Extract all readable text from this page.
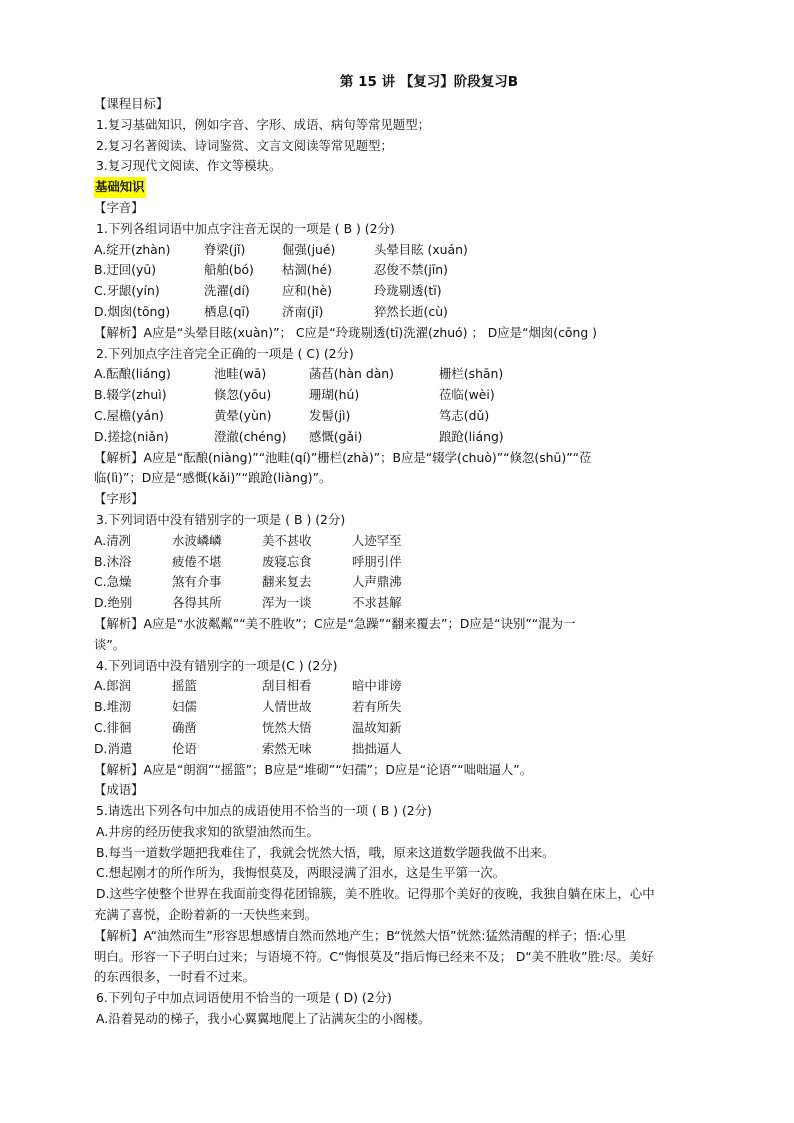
第 15 讲 【复习】阶段复习B
【课程目标】
1.复习基础知识，例如字音、字形、成语、病句等常见题型；
2.复习名著阅读、诗词鉴赏、文言文阅读等常见题型；
3.复习现代文阅读、作文等模块。
基础知识
【字音】
1.下列各组词语中加点字注音无误的一项是 ( B ) (2分)
A.绽开(zhàn)	脊梁(jǐ)	倔强(jué)	头晕目眩 (xuán)
B.迂回(yū)	船舶(bó) 枯涸(hé)	忍俊不禁(jīn)
C.牙龈(yín)	洗濯(dí)	应和(hè)	玲珑剔透(tī)
D.烟囱(tōng)	栖息(qī)	济南(jǐ)	猝然长逝(cù)
【解析】A应是“头晕目眩(xuàn)”； C应是“玲珑剔透(tī)洗濯(zhuó) ； D应是“烟囱(cōng )
2.下列加点字注音完全正确的一项是 ( C) (2分)
A.酝酿(liáng)	池畦(wā)	菡萏(hàn dàn)	栅栏(shān)
B.辍学(zhuì)	倏忽(yōu)	珊瑚(hú)	莅临(wèi)
C.屋檐(yán)	黄晕(yùn)	发髻(jì)	笃志(dǔ)
D.搓捻(niǎn)	澄澈(chéng) 感慨(gǎi)	踉跄(liáng)
【解析】A应是“酝酿(niàng)”“池畦(qí)”栅栏(zhà)”；B应是“辍学(chuò)”“倏忽(shū)”“莅
临(lì)”；D应是“感慨(kǎi)”“踉跄(liàng)”。
【字形】
3.下列词语中没有错别字的一项是 ( B ) (2分)
A.清冽	水波嶙嶙	美不甚收	人迹罕至
B.沐浴	疲倦不堪	废寝忘食	呼朋引伴
C.急燥	煞有介事	翻来复去	人声鼎沸
D.绝别	各得其所	浑为一谈	不求甚解
【解析】A应是“水波粼粼”“美不胜收”；C应是“急躁”“翻来覆去”；D应是“诀别”“混为一
谈”。
4.下列词语中没有错别字的一项是(C ) (2分)
A.郎润	摇篮	刮目相看	暗中诽谤
B.堆沏	妇儒	人情世故	若有所失
C.徘徊	确凿	恍然大悟	温故知新
D.消遣	伦语	索然无味	拙拙逼人
【解析】A应是“朗润”“摇篮”；B应是“堆砌”“妇孺”；D应是“论语”“咄咄逼人”。
【成语】
5.请选出下列各句中加点的成语使用不恰当的一项 ( B ) (2分)
A.井房的经历使我求知的欲望油然而生。
B.每当一道数学题把我难住了，我就会恍然大悟，哦，原来这道数学题我做不出来。
C.想起刚才的所作所为，我悔恨莫及，两眼浸满了泪水，这是生平第一次。
D.这些字使整个世界在我面前变得花团锦簇，美不胜收。记得那个美好的夜晚，我独自躺在床上，心中
充满了喜悦，企盼着新的一天快些来到。
【解析】A“油然而生”形容思想感情自然而然地产生；B“恍然大悟”恍然:猛然清醒的样子；悟:心里
明白。形容一下子明白过来；与语境不符。C“悔恨莫及”指后悔已经来不及； D“美不胜收”胜:尽。美好
的东西很多，一时看不过来。
6.下列句子中加点词语使用不恰当的一项是 ( D) (2分)
A.沿着晃动的梯子，我小心翼翼地爬上了沾满灰尘的小阁楼。
